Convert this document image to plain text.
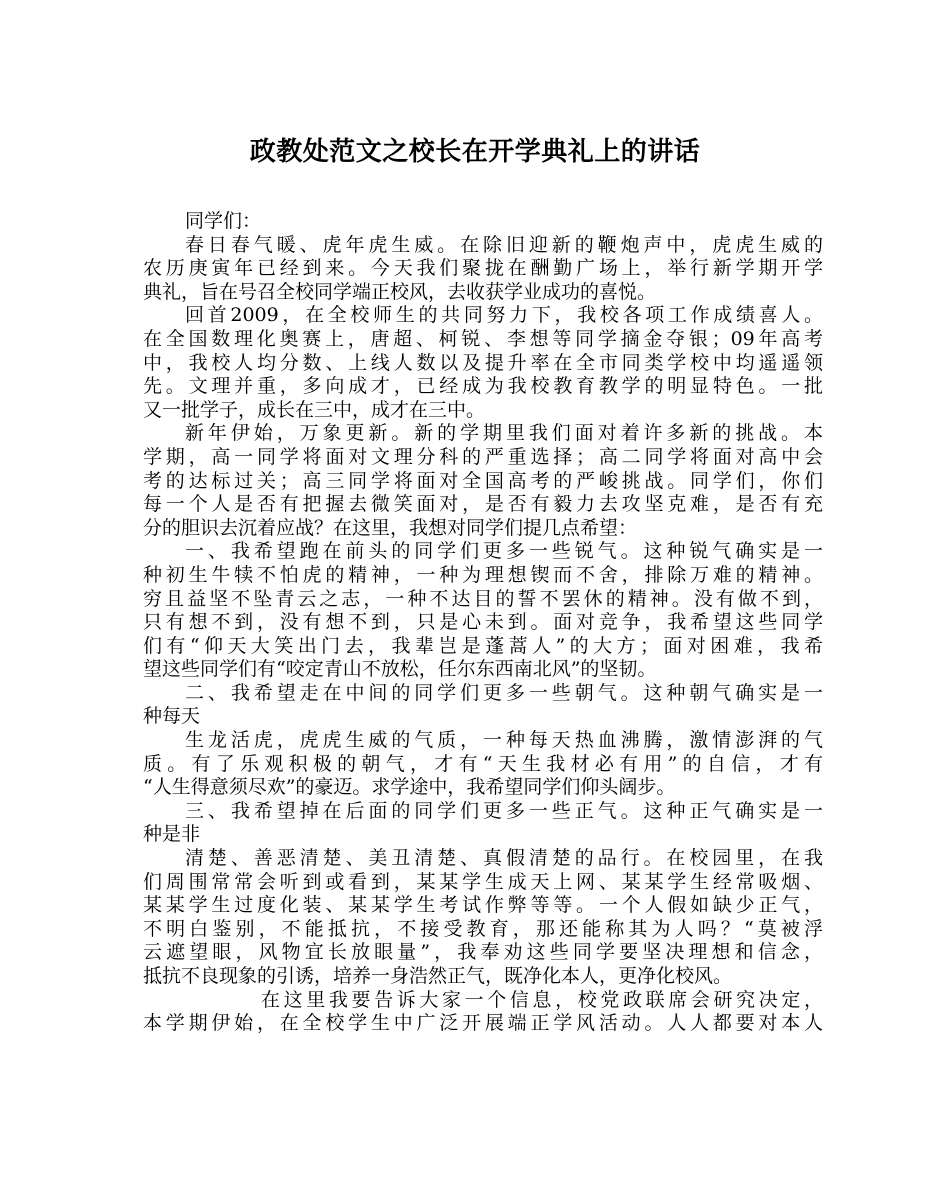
政教处范文之校长在开学典礼上的讲话
同学们：
春日春气暖、虎年虎生威。在除旧迎新的鞭炮声中，虎虎生威的
农历庚寅年已经到来。今天我们聚拢在酬勤广场上，举行新学期开学
典礼，旨在号召全校同学端正校风，去收获学业成功的喜悦。
回首2009，在全校师生的共同努力下，我校各项工作成绩喜人。
在全国数理化奥赛上，唐超、柯锐、李想等同学摘金夺银；09年高考
中，我校人均分数、上线人数以及提升率在全市同类学校中均遥遥领
先。文理并重，多向成才，已经成为我校教育教学的明显特色。一批
又一批学子，成长在三中，成才在三中。
新年伊始，万象更新。新的学期里我们面对着许多新的挑战。本
学期，高一同学将面对文理分科的严重选择；高二同学将面对高中会
考的达标过关；高三同学将面对全国高考的严峻挑战。同学们，你们
每一个人是否有把握去微笑面对，是否有毅力去攻坚克难，是否有充
分的胆识去沉着应战？在这里，我想对同学们提几点希望：
一、我希望跑在前头的同学们更多一些锐气。这种锐气确实是一
种初生牛犊不怕虎的精神，一种为理想锲而不舍，排除万难的精神。
穷且益坚不坠青云之志，一种不达目的誓不罢休的精神。没有做不到，
只有想不到，没有想不到，只是心未到。面对竞争，我希望这些同学
们有“仰天大笑出门去，我辈岂是蓬蒿人”的大方；面对困难，我希
望这些同学们有“咬定青山不放松，任尔东西南北风”的坚韧。
二、我希望走在中间的同学们更多一些朝气。这种朝气确实是一
种每天
生龙活虎，虎虎生威的气质，一种每天热血沸腾，激情澎湃的气
质。有了乐观积极的朝气，才有“天生我材必有用”的自信，才有
“人生得意须尽欢”的豪迈。求学途中，我希望同学们仰头阔步。
三、我希望掉在后面的同学们更多一些正气。这种正气确实是一
种是非
清楚、善恶清楚、美丑清楚、真假清楚的品行。在校园里，在我
们周围常常会听到或看到，某某学生成天上网、某某学生经常吸烟、
某某学生过度化装、某某学生考试作弊等等。一个人假如缺少正气，
不明白鉴别，不能抵抗，不接受教育，那还能称其为人吗？“莫被浮
云遮望眼，风物宜长放眼量”，我奉劝这些同学要坚决理想和信念，
抵抗不良现象的引诱，培养一身浩然正气，既净化本人，更净化校风。
在这里我要告诉大家一个信息，校党政联席会研究决定，
本学期伊始，在全校学生中广泛开展端正学风活动。人人都要对本人
